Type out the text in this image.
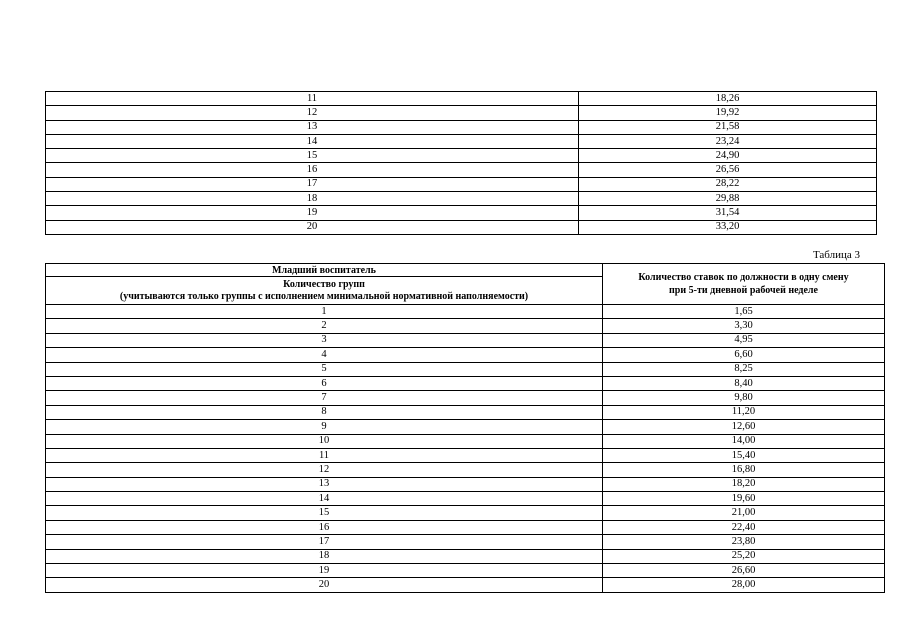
11	18,26
12	19,92
13	21,58
14	23,24
15	24,90
16	26,56
17	28,22
18	29,88
19	31,54
20	33,20
Таблица 3
Младший воспитатель	Количество ставок по должности в одну смену
при 5-ти дневной рабочей неделе
Количество групп
(учитываются только группы с исполнением минимальной нормативной наполняемости)	
1	1,65
2	3,30
3	4,95
4	6,60
5	8,25
6	8,40
7	9,80
8	11,20
9	12,60
10	14,00
11	15,40
12	16,80
13	18,20
14	19,60
15	21,00
16	22,40
17	23,80
18	25,20
19	26,60
20	28,00
